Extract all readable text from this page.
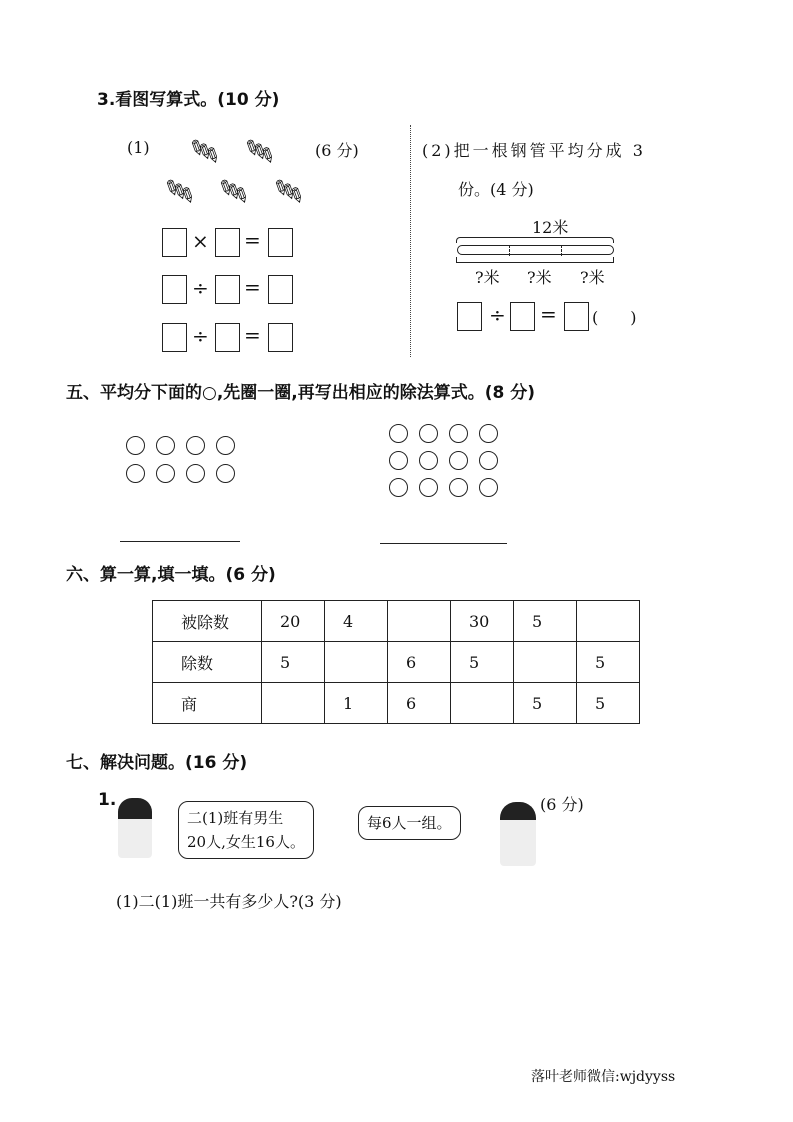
3.看图写算式。(10 分)
(1)	(6 分)	(2)把一根钢管平均分成 3
份。(4 分)
12米
?米 ?米 ?米
÷ = (　　)
五、平均分下面的○,先圈一圈,再写出相应的除法算式。(8 分)
六、算一算,填一填。(6 分)
被除数	20	4		30	5	
除数	5		6	5		5
商		1	6		5	5
七、解决问题。(16 分)
1.
二(1)班有男生
20人,女生16人。
每6人一组。
(6 分)
(1)二(1)班一共有多少人?(3 分)
落叶老师微信:wjdyyss
✎✎✎ ✎✎✎
✎✎✎ ✎✎✎ ✎✎✎
× =
÷ =
÷ =
